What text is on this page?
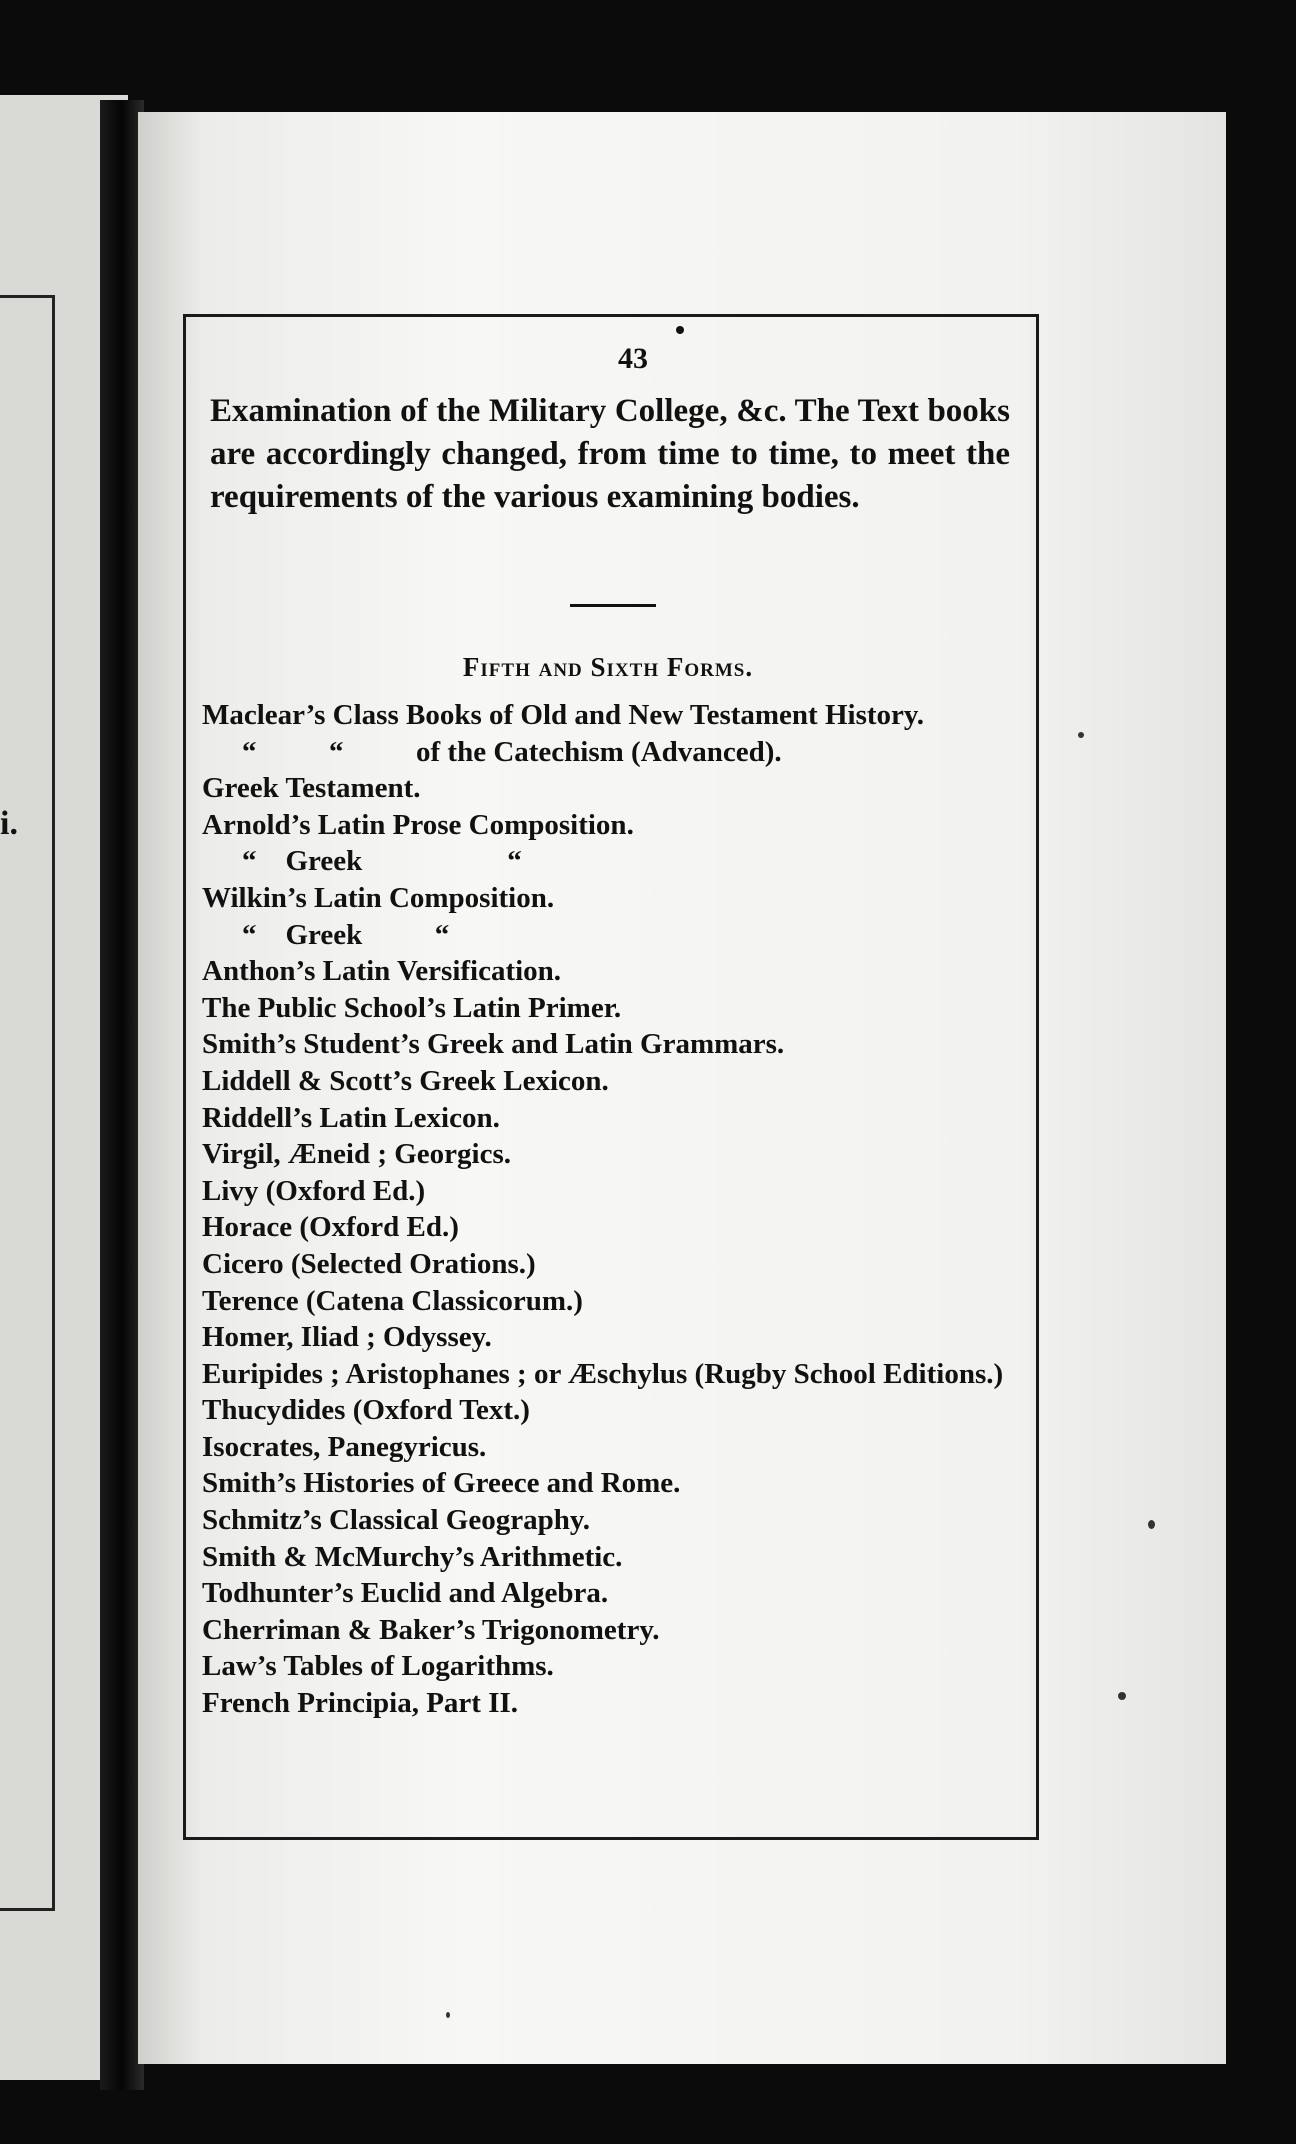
i.
43
Examination of the Military College, &c. The Text books are accordingly changed, from time to time, to meet the requirements of the various examining bodies.
Fifth and Sixth Forms.
Maclear’s Class Books of Old and New Testament History.
“          “          of the Catechism (Advanced).
Greek Testament.
Arnold’s Latin Prose Composition.
“    Greek                    “
Wilkin’s Latin Composition.
“    Greek          “
Anthon’s Latin Versification.
The Public School’s Latin Primer.
Smith’s Student’s Greek and Latin Grammars.
Liddell & Scott’s Greek Lexicon.
Riddell’s Latin Lexicon.
Virgil, Æneid ; Georgics.
Livy (Oxford Ed.)
Horace (Oxford Ed.)
Cicero (Selected Orations.)
Terence (Catena Classicorum.)
Homer, Iliad ; Odyssey.
Euripides ; Aristophanes ; or Æschylus (Rugby School Editions.)
Thucydides (Oxford Text.)
Isocrates, Panegyricus.
Smith’s Histories of Greece and Rome.
Schmitz’s Classical Geography.
Smith & McMurchy’s Arithmetic.
Todhunter’s Euclid and Algebra.
Cherriman & Baker’s Trigonometry.
Law’s Tables of Logarithms.
French Principia, Part II.
